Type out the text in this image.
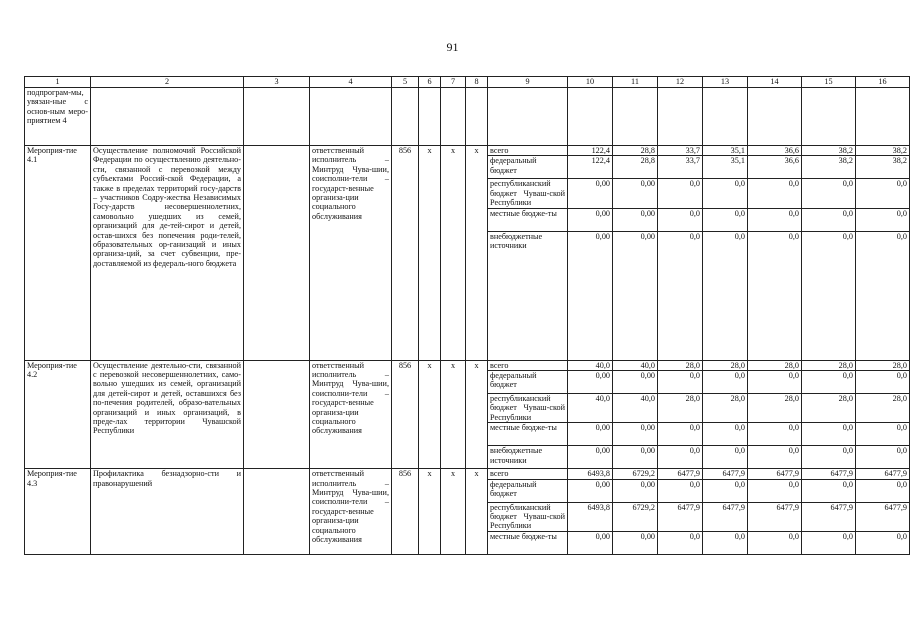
91
1	2	3	4	5	6	7	8	9	10	11	12	13	14	15	16
подпрограм-мы, увязан-ные с основ-ным меро-приятием 4															
Мероприя-тие 4.1	Осуществление полномочий Российской Федерации по осуществлению деятельно-сти, связанной с перевозкой между субъектами Россий-ской Федерации, а также в пределах территорий госу-дарств – участников Содру-жества Независимых Госу-дарств несовершеннолетних, самовольно ушедших из семей, организаций для де-тей-сирот и детей, остав-шихся без попечения роди-телей, образовательных ор-ганизаций и иных организа-ций, за счет субвенции, пре-доставляемой из федераль-ного бюджета		ответственный исполнитель – Минтруд Чува-шии, соисполни-тели – государст-венные организа-ции социального обслуживания	856	x	x	x	всего	122,4	28,8	33,7	35,1	36,6	38,2	38,2
								федеральный бюджет	122,4	28,8	33,7	35,1	36,6	38,2	38,2
								республиканский бюджет Чуваш-ской Республики	0,00	0,00	0,0	0,0	0,0	0,0	0,0
								местные бюдже-ты	0,00	0,00	0,0	0,0	0,0	0,0	0,0
								внебюджетные источники	0,00	0,00	0,0	0,0	0,0	0,0	0,0
Мероприя-тие 4.2	Осуществление деятельно-сти, связанной с перевозкой несовершеннолетних, само-вольно ушедших из семей, организаций для детей-сирот и детей, оставшихся без по-печения родителей, образо-вательных организаций и иных организаций, в преде-лах территории Чувашской Республики		ответственный исполнитель – Минтруд Чува-шии, соисполни-тели – государст-венные организа-ции социального обслуживания	856	x	x	x	всего	40,0	40,0	28,0	28,0	28,0	28,0	28,0
								федеральный бюджет	0,00	0,00	0,0	0,0	0,0	0,0	0,0
								республиканский бюджет Чуваш-ской Республики	40,0	40,0	28,0	28,0	28,0	28,0	28,0
								местные бюдже-ты	0,00	0,00	0,0	0,0	0,0	0,0	0,0
								внебюджетные источники	0,00	0,00	0,0	0,0	0,0	0,0	0,0
Мероприя-тие 4.3	Профилактика безнадзорно-сти и правонарушений		ответственный исполнитель – Минтруд Чува-шии, соисполни-тели – государст-венные организа-ции социального обслуживания	856	x	x	x	всего	6493,8	6729,2	6477,9	6477,9	6477,9	6477,9	6477,9
								федеральный бюджет	0,00	0,00	0,0	0,0	0,0	0,0	0,0
								республиканский бюджет Чуваш-ской Республики	6493,8	6729,2	6477,9	6477,9	6477,9	6477,9	6477,9
								местные бюдже-ты	0,00	0,00	0,0	0,0	0,0	0,0	0,0
